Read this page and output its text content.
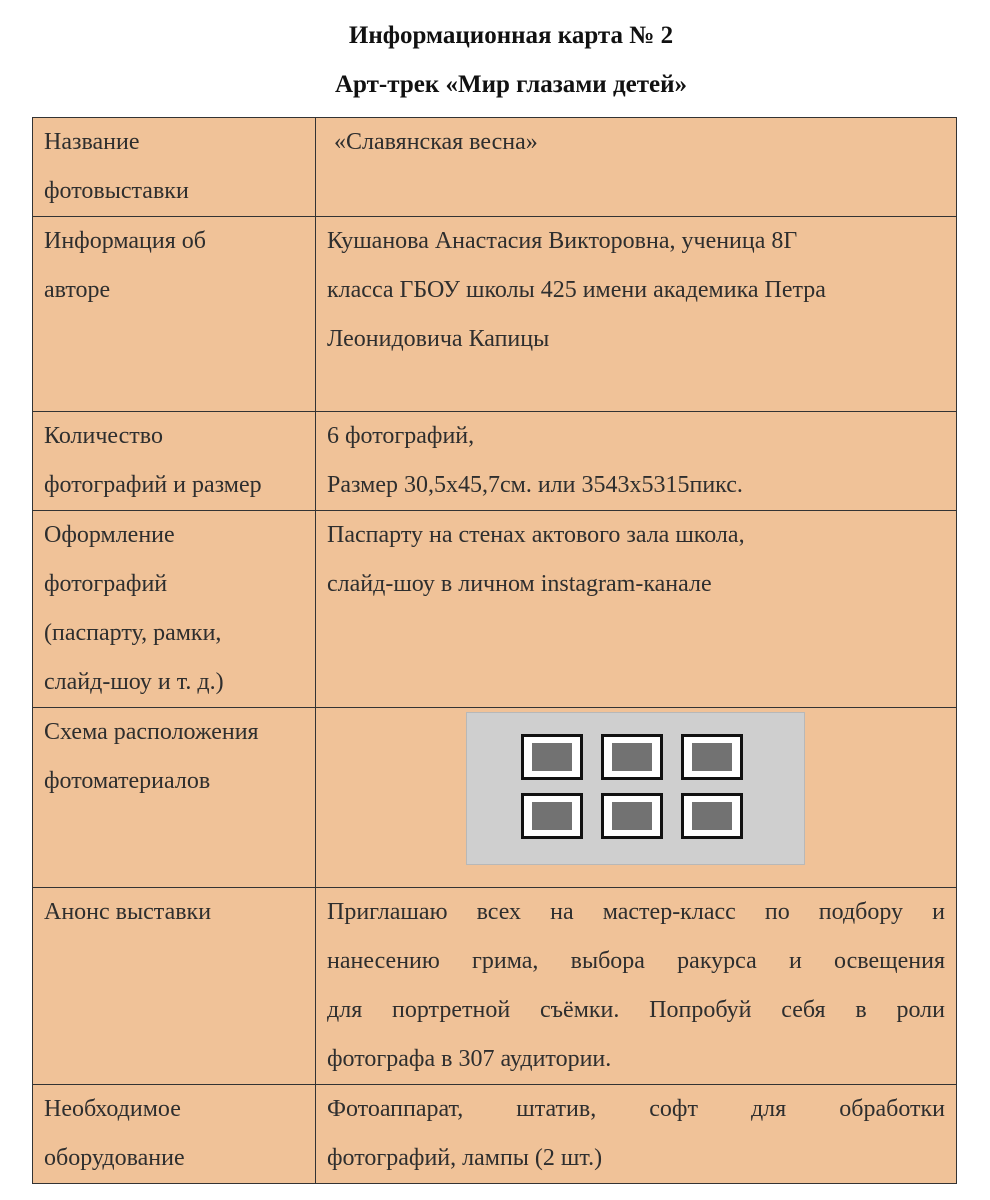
Информационная карта № 2
Арт-трек «Мир глазами детей»
Название
фотовыставки	«Славянская весна»

Информация об
авторе	Кушанова Анастасия Викторовна, ученица 8Г
класса ГБОУ школы 425 имени академика Петра
Леонидовича Капицы

Количество
фотографий и размер	6 фотографий,
Размер 30,5х45,7см. или 3543х5315пикс.

Оформление
фотографий
(паспарту, рамки,
слайд-шоу и т. д.)	Паспарту на стенах актового зала школа,
слайд-шоу в личном instagram-канале

Схема расположения
фотоматериалов	

Анонс выставки	Приглашаю всех на мастер-класс по подбору и
нанесению грима, выбора ракурса и освещения
для портретной съёмки. Попробуй себя в роли
фотографа в 307 аудитории.

Необходимое
оборудование	Фотоаппарат, штатив, софт для обработки
фотографий, лампы (2 шт.)
